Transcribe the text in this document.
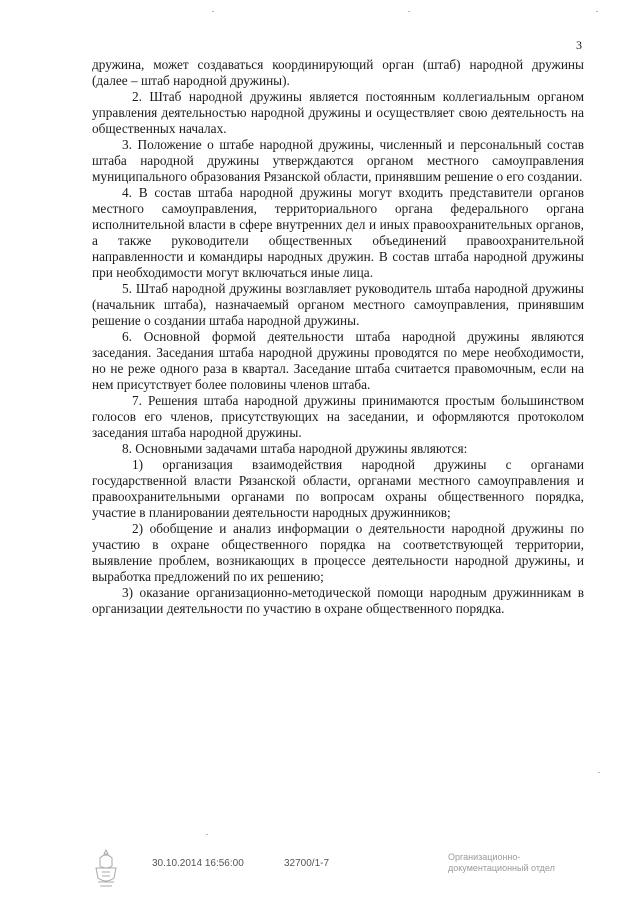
3

дружина, может создаваться координирующий орган (штаб) народной дружины (далее – штаб народной дружины).

2. Штаб народной дружины является постоянным коллегиальным органом управления деятельностью народной дружины и осуществляет свою деятельность на общественных началах.

3. Положение о штабе народной дружины, численный и персональный состав штаба народной дружины утверждаются органом местного самоуправления муниципального образования Рязанской области, принявшим решение о его создании.

4. В состав штаба народной дружины могут входить представители органов местного самоуправления, территориального органа федерального органа исполнительной власти в сфере внутренних дел и иных правоохранительных органов, а также руководители общественных объединений правоохранительной направленности и командиры народных дружин. В состав штаба народной дружины при необходимости могут включаться иные лица.

5. Штаб народной дружины возглавляет руководитель штаба народной дружины (начальник штаба), назначаемый органом местного самоуправления, принявшим решение о создании штаба народной дружины.

6. Основной формой деятельности штаба народной дружины являются заседания. Заседания штаба народной дружины проводятся по мере необходимости, но не реже одного раза в квартал. Заседание штаба считается правомочным, если на нем присутствует более половины членов штаба.

7. Решения штаба народной дружины принимаются простым большинством голосов его членов, присутствующих на заседании, и оформляются протоколом заседания штаба народной дружины.

8. Основными задачами штаба народной дружины являются:

1) организация взаимодействия народной дружины с органами государственной власти Рязанской области, органами местного самоуправления и правоохранительными органами по вопросам охраны общественного порядка, участие в планировании деятельности народных дружинников;

2) обобщение и анализ информации о деятельности народной дружины по участию в охране общественного порядка на соответствующей территории, выявление проблем, возникающих в процессе деятельности народной дружины, и выработка предложений по их решению;

3) оказание организационно-методической помощи народным дружинникам в организации деятельности по участию в охране общественного порядка.

30.10.2014 16:56:00	32700/1-7
Организационно-
документационный отдел
